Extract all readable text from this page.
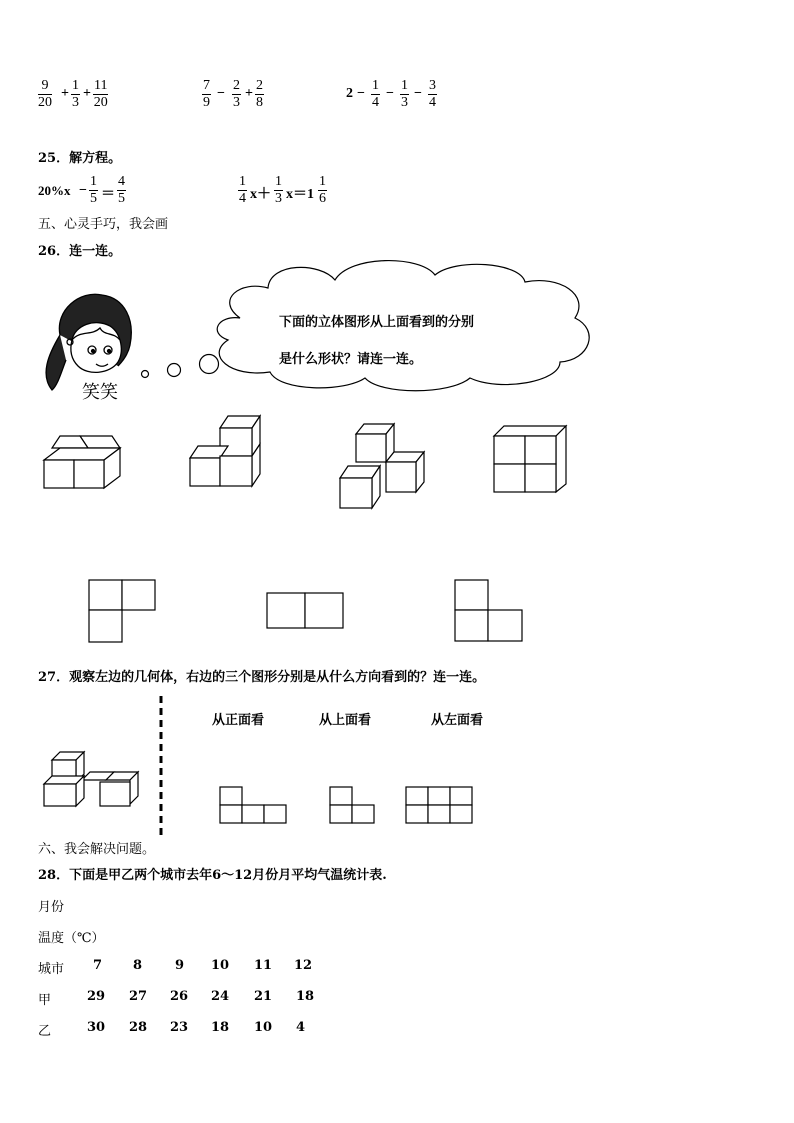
$\frac{9}{20} + \frac{1}{3} + \frac{11}{20}$	$\frac{7}{9} - \frac{2}{3} + \frac{2}{8}$	$2 - \frac{1}{4} - \frac{1}{3} - \frac{3}{4}$
25．解方程。
$20\%x - \frac{1}{5} = \frac{4}{5}$	$\frac{1}{4} x+ \frac{1}{3} x=1 \frac{1}{6}$
五、心灵手巧，我会画
26．连一连。
笑笑
下面的立体图形从上面看到的分别
是什么形状？请连一连。
27．观察左边的几何体，右边的三个图形分别是从什么方向看到的？连一连。
从正面看	从上面看	从左面看
六、我会解决问题。
28．下面是甲乙两个城市去年6～12月份月平均气温统计表.
月份
温度（℃）
城市 7 8	9 10 11 12
甲	29 27 26 24 21 18
乙	30 28 23 18 10 4
